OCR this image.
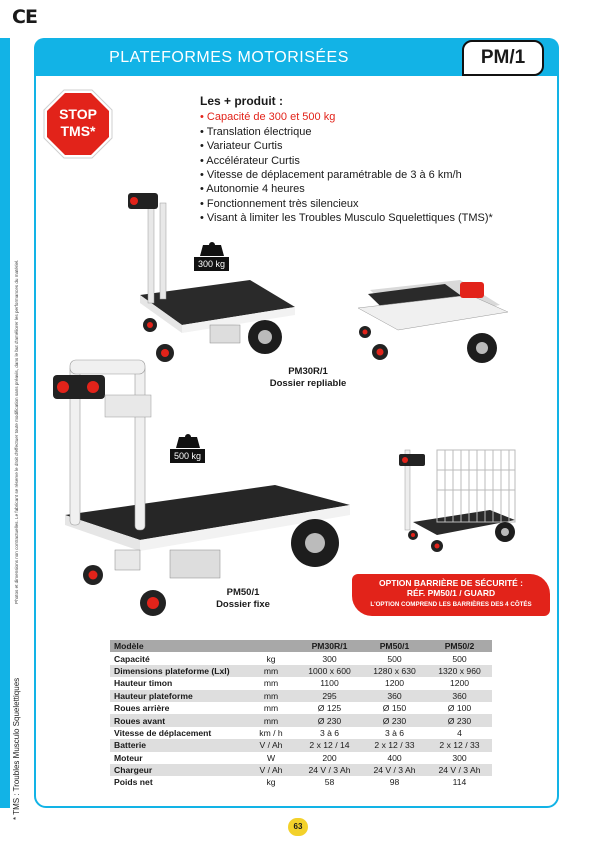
CE
Photos et dimensions non contractuelles. Le fabricant se réserve le droit d'effectuer toute modification sans préavis, dans le but d'améliorer les performances du matériel.
* TMS : Troubles Musculo Squelettiques
PLATEFORMES MOTORISÉES	PM/1
STOP
TMS*
Les + produit :
• Capacité de 300 et 500 kg
• Translation électrique
• Variateur Curtis
• Accélérateur Curtis
• Vitesse de déplacement paramétrable de 3 à 6 km/h
• Autonomie 4 heures
• Fonctionnement très silencieux
• Visant à limiter les Troubles Musculo Squelettiques (TMS)*
300 kg
500 kg
PM30R/1
Dossier repliable
PM50/1
Dossier fixe
OPTION BARRIÈRE DE SÉCURITÉ :
RÉF. PM50/1 / GUARD
L'OPTION COMPREND LES BARRIÈRES DES 4 CÔTÉS
Modèle		PM30R/1	PM50/1	PM50/2
Capacité	kg	300	500	500
Dimensions plateforme (Lxl)	mm	1000 x 600	1280 x 630	1320 x 960
Hauteur timon	mm	1100	1200	1200
Hauteur plateforme	mm	295	360	360
Roues arrière	mm	Ø 125	Ø 150	Ø 100
Roues avant	mm	Ø 230	Ø 230	Ø 230
Vitesse de déplacement	km / h	3 à 6	3 à 6	4
Batterie	V / Ah	2 x 12 / 14	2 x 12 / 33	2 x 12 / 33
Moteur	W	200	400	300
Chargeur	V / Ah	24 V / 3 Ah	24 V / 3 Ah	24 V / 3 Ah
Poids net	kg	58	98	114
63
